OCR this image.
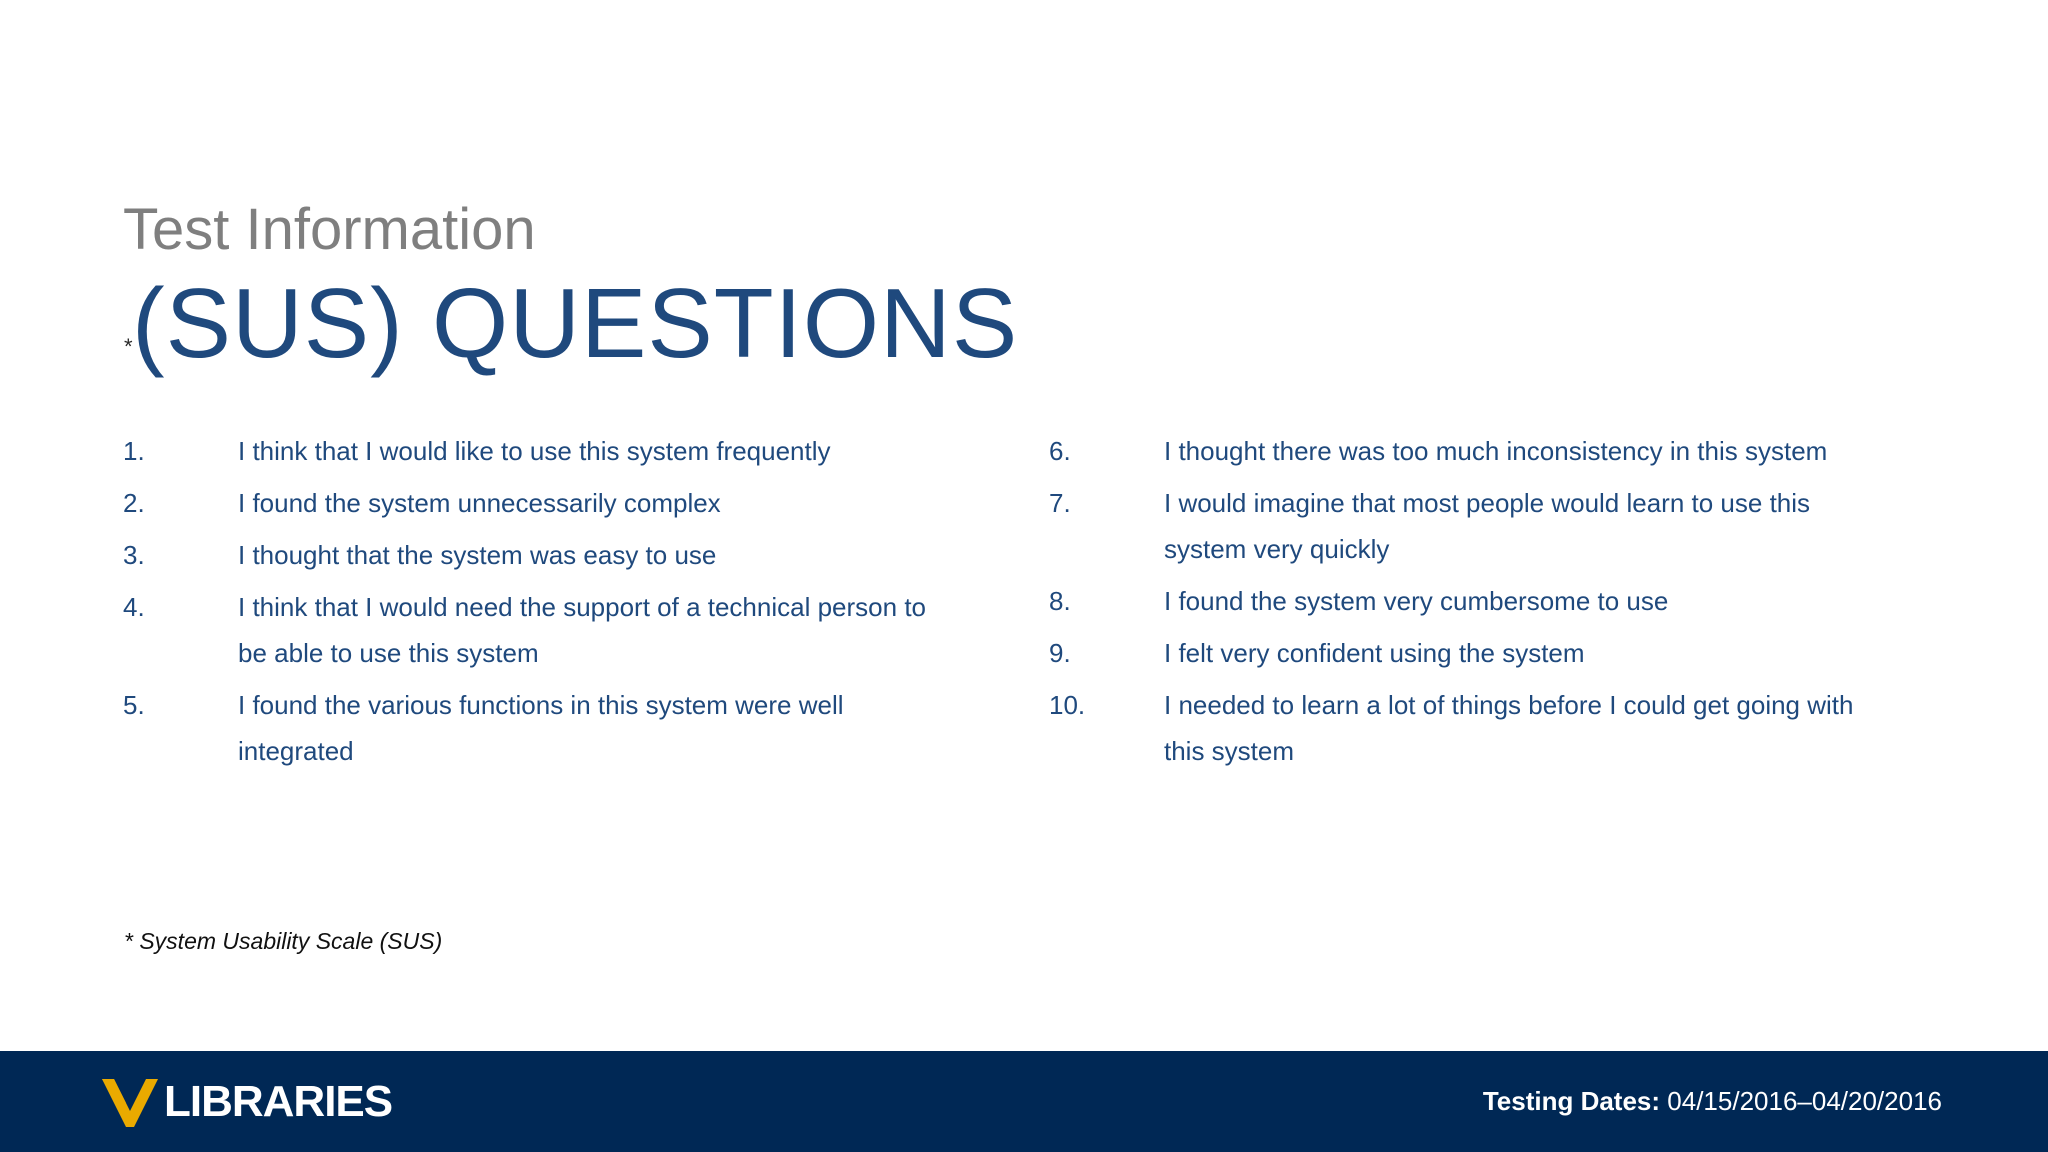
Test Information
* (SUS) QUESTIONS
1.	I think that I would like to use this system frequently
2.	I found the system unnecessarily complex
3.	I thought that the system was easy to use
4.	I think that I would need the support of a technical person to be able to use this system
5.	I found the various functions in this system were well integrated
6.	I thought there was too much inconsistency in this system
7.	I would imagine that most people would learn to use this system very quickly
8.	I found the system very cumbersome to use
9.	I felt very confident using the system
10.	I needed to learn a lot of things before I could get going with this system
* System Usability Scale (SUS)
LIBRARIES	Testing Dates: 04/15/2016–04/20/2016
